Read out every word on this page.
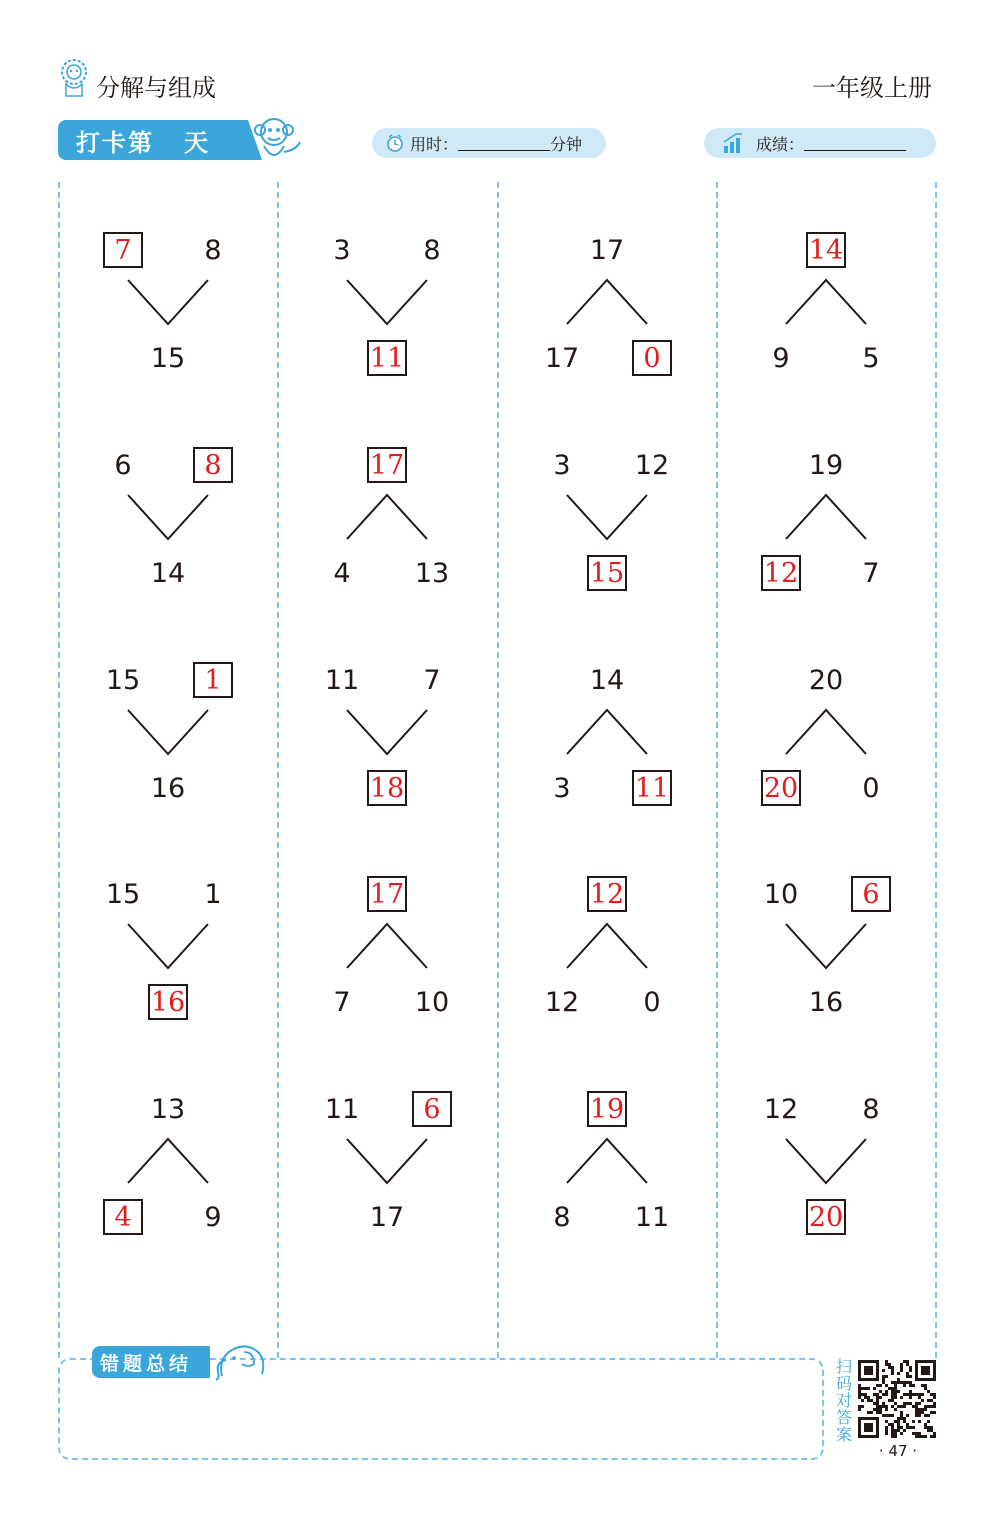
分解与组成	一年级上册
打卡第 天	用时：	分钟	成绩：
7	8
15
6	8
14
15	1
16
15 1
16
13
4	9
3	8
11
17
4 13
11 7
18
17
7 10
11	6
17
17
17	0
3 12
15
14
3 11
12
12 0
19
8 11
14
9	5
19
12 7
20
20 0
10	6
16
12 8
20
错题总结	扫码对答案
· 47 ·
